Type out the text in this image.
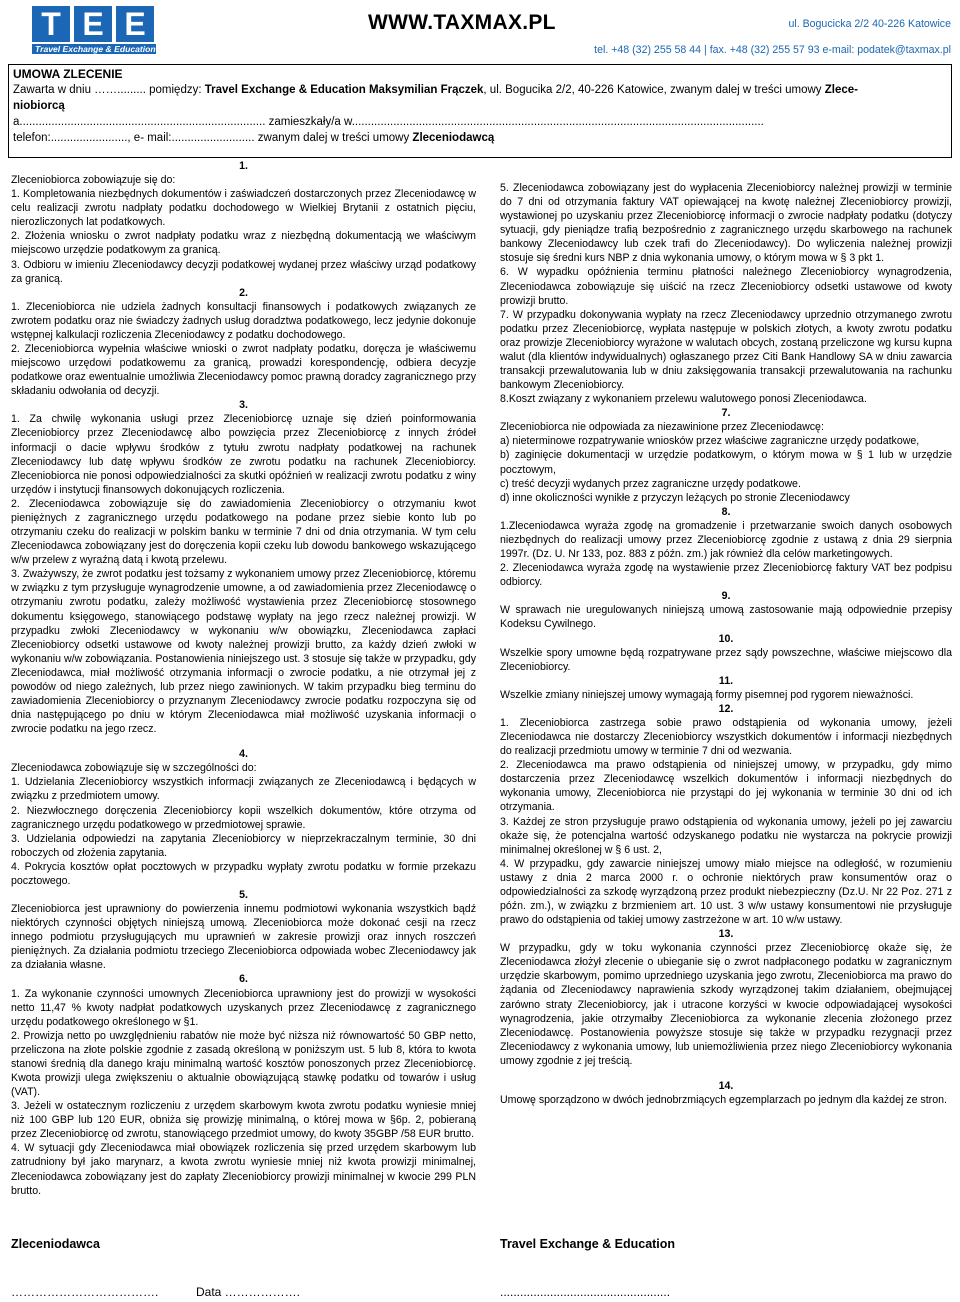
T E E
Travel Exchange & Education
WWW.TAXMAX.PL	ul. Bogucicka 2/2 40-226 Katowice
tel. +48 (32) 255 58 44 | fax. +48 (32) 255 57 93 e-mail: podatek@taxmax.pl
UMOWA ZLECENIE
Zawarta w dniu ……......... pomiędzy: Travel Exchange & Education Maksymilian Frączek, ul. Bogucika 2/2, 40-226 Katowice, zwanym dalej w treści umowy Zlece-
niobiorcą
a............................................................................. zamieszkały/a w.................................................................................................................................
telefon:........................, e- mail:.......................... zwanym dalej w treści umowy Zleceniodawcą

1.

Zleceniobiorca zobowiązuje się do:

1. Kompletowania niezbędnych dokumentów i zaświadczeń dostarczonych przez Zleceniodawcę w celu realizacji zwrotu nadpłaty podatku dochodowego w Wielkiej Brytanii z ostatnich pięciu, nierozliczonych lat podatkowych.

2. Złożenia wniosku o zwrot nadpłaty podatku wraz z niezbędną dokumentacją we właściwym miejscowo urzędzie podatkowym za granicą.

3. Odbioru w imieniu Zleceniodawcy decyzji podatkowej wydanej przez właściwy urząd podatkowy za granicą.

2.

1. Zleceniobiorca nie udziela żadnych konsultacji finansowych i podatkowych związanych ze zwrotem podatku oraz nie świadczy żadnych usług doradztwa podatkowego, lecz jedynie dokonuje wstępnej kalkulacji rozliczenia Zleceniodawcy z podatku dochodowego.

2. Zleceniobiorca wypełnia właściwe wnioski o zwrot nadpłaty podatku, doręcza je właściwemu miejscowo urzędowi podatkowemu za granicą, prowadzi korespondencję, odbiera decyzje podatkowe oraz ewentualnie umożliwia Zleceniodawcy pomoc prawną doradcy zagranicznego przy składaniu odwołania od decyzji.

3.

1. Za chwilę wykonania usługi przez Zleceniobiorcę uznaje się dzień poinformowania Zleceniobiorcy przez Zleceniodawcę albo powzięcia przez Zleceniobiorcę z innych źródeł informacji o dacie wpływu środków z tytułu zwrotu nadpłaty podatkowej na rachunek Zleceniodawcy lub datę wpływu środków ze zwrotu podatku na rachunek Zleceniobiorcy. Zleceniobiorca nie ponosi odpowiedzialności za skutki opóźnień w realizacji zwrotu podatku z winy urzędów i instytucji finansowych dokonujących rozliczenia.

2. Zleceniodawca zobowiązuje się do zawiadomienia Zleceniobiorcy o otrzymaniu kwot pieniężnych z zagranicznego urzędu podatkowego na podane przez siebie konto lub po otrzymaniu czeku do realizacji w polskim banku w terminie 7 dni od dnia otrzymania. W tym celu Zleceniodawca zobowiązany jest do doręczenia kopii czeku lub dowodu bankowego wskazującego w/w przelew z wyraźną datą i kwotą przelewu.

3. Zważywszy, że zwrot podatku jest tożsamy z wykonaniem umowy przez Zleceniobiorcę, któremu w związku z tym przysługuje wynagrodzenie umowne, a od zawiadomienia przez Zleceniodawcę o otrzymaniu zwrotu podatku, zależy możliwość wystawienia przez Zleceniobiorcę stosownego dokumentu księgowego, stanowiącego podstawę wypłaty na jego rzecz należnej prowizji. W przypadku zwłoki Zleceniodawcy w wykonaniu w/w obowiązku, Zleceniodawca zapłaci Zleceniobiorcy odsetki ustawowe od kwoty należnej prowizji brutto, za każdy dzień zwłoki w wykonaniu w/w zobowiązania. Postanowienia niniejszego ust. 3 stosuje się także w przypadku, gdy Zleceniodawca, miał możliwość otrzymania informacji o zwrocie podatku, a nie otrzymał jej z powodów od niego zależnych, lub przez niego zawinionych. W takim przypadku bieg terminu do zawiadomienia Zleceniobiorcy o przyznanym Zleceniodawcy zwrocie podatku rozpoczyna się od dnia następującego po dniu w którym Zleceniodawca miał możliwość uzyskania informacji o zwrocie podatku na jego rzecz.

4.

Zleceniodawca zobowiązuje się w szczególności do:

1. Udzielania Zleceniobiorcy wszystkich informacji związanych ze Zleceniodawcą i będących w związku z przedmiotem umowy.

2. Niezwłocznego doręczenia Zleceniobiorcy kopii wszelkich dokumentów, które otrzyma od zagranicznego urzędu podatkowego w przedmiotowej sprawie.

3. Udzielania odpowiedzi na zapytania Zleceniobiorcy w nieprzekraczalnym terminie, 30 dni roboczych od złożenia zapytania.

4. Pokrycia kosztów opłat pocztowych w przypadku wypłaty zwrotu podatku w formie przekazu pocztowego.

5.

Zleceniobiorca jest uprawniony do powierzenia innemu podmiotowi wykonania wszystkich bądź niektórych czynności objętych niniejszą umową. Zleceniobiorca może dokonać cesji na rzecz innego podmiotu przysługujących mu uprawnień w zakresie prowizji oraz innych roszczeń pieniężnych. Za działania podmiotu trzeciego Zleceniobiorca odpowiada wobec Zleceniodawcy jak za działania własne.

6.

1. Za wykonanie czynności umownych Zleceniobiorca uprawniony jest do prowizji w wysokości netto 11,47 % kwoty nadpłat podatkowych uzyskanych przez Zleceniodawcę z zagranicznego urzędu podatkowego określonego w §1.

2. Prowizja netto po uwzględnieniu rabatów nie może być niższa niż równowartość 50 GBP netto, przeliczona na złote polskie zgodnie z zasadą określoną w poniższym ust. 5 lub 8, która to kwota stanowi średnią dla danego kraju minimalną wartość kosztów ponoszonych przez Zleceniobiorcę. Kwota prowizji ulega zwiększeniu o aktualnie obowiązującą stawkę podatku od towarów i usług (VAT).

3. Jeżeli w ostatecznym rozliczeniu z urzędem skarbowym kwota zwrotu podatku wyniesie mniej niż 100 GBP lub 120 EUR, obniża się prowizję minimalną, o której mowa w §6p. 2, pobieraną przez Zleceniobiorcę od zwrotu, stanowiącego przedmiot umowy, do kwoty 35GBP /58 EUR brutto.

4. W sytuacji gdy Zleceniodawca miał obowiązek rozliczenia się przed urzędem skarbowym lub zatrudniony był jako marynarz, a kwota zwrotu wyniesie mniej niż kwota prowizji minimalnej, Zleceniodawca zobowiązany jest do zapłaty Zleceniobiorcy prowizji minimalnej w kwocie 299 PLN brutto.

5. Zleceniodawca zobowiązany jest do wypłacenia Zleceniobiorcy należnej prowizji w terminie do 7 dni od otrzymania faktury VAT opiewającej na kwotę należnej Zleceniobiorcy prowizji, wystawionej po uzyskaniu przez Zleceniobiorcę informacji o zwrocie nadpłaty podatku (dotyczy sytuacji, gdy pieniądze trafią bezpośrednio z zagranicznego urzędu skarbowego na rachunek bankowy Zleceniodawcy lub czek trafi do Zleceniodawcy). Do wyliczenia należnej prowizji stosuje się średni kurs NBP z dnia wykonania umowy, o którym mowa w § 3 pkt 1.

6. W wypadku opóźnienia terminu płatności należnego Zleceniobiorcy wynagrodzenia, Zleceniodawca zobowiązuje się uiścić na rzecz Zleceniobiorcy odsetki ustawowe od kwoty prowizji brutto.

7. W przypadku dokonywania wypłaty na rzecz Zleceniodawcy uprzednio otrzymanego zwrotu podatku przez Zleceniobiorcę, wypłata następuje w polskich złotych, a kwoty zwrotu podatku oraz prowizje Zleceniobiorcy wyrażone w walutach obcych, zostaną przeliczone wg kursu kupna walut (dla klientów indywidualnych) ogłaszanego przez Citi Bank Handlowy SA w dniu zawarcia transakcji przewalutowania lub w dniu zaksięgowania transakcji przewalutowania na rachunku bankowym Zleceniobiorcy.

8.Koszt związany z wykonaniem przelewu walutowego ponosi Zleceniodawca.

7.

Zleceniobiorca nie odpowiada za niezawinione przez Zleceniodawcę:

a) nieterminowe rozpatrywanie wniosków przez właściwe zagraniczne urzędy podatkowe,

b) zaginięcie dokumentacji w urzędzie podatkowym, o którym mowa w § 1 lub w urzędzie pocztowym,

c) treść decyzji wydanych przez zagraniczne urzędy podatkowe.

d) inne okoliczności wynikłe z przyczyn leżących po stronie Zleceniodawcy

8.

1.Zleceniodawca wyraża zgodę na gromadzenie i przetwarzanie swoich danych osobowych niezbędnych do realizacji umowy przez Zleceniobiorcę zgodnie z ustawą z dnia 29 sierpnia 1997r. (Dz. U. Nr 133, poz. 883 z późn. zm.) jak również dla celów marketingowych.

2. Zleceniodawca wyraża zgodę na wystawienie przez Zleceniobiorcę faktury VAT bez podpisu odbiorcy.

9.

W sprawach nie uregulowanych niniejszą umową zastosowanie mają odpowiednie przepisy Kodeksu Cywilnego.

10.

Wszelkie spory umowne będą rozpatrywane przez sądy powszechne, właściwe miejscowo dla Zleceniobiorcy.

11.

Wszelkie zmiany niniejszej umowy wymagają formy pisemnej pod rygorem nieważności.

12.

1. Zleceniobiorca zastrzega sobie prawo odstąpienia od wykonania umowy, jeżeli Zleceniodawca nie dostarczy Zleceniobiorcy wszystkich dokumentów i informacji niezbędnych do realizacji przedmiotu umowy w terminie 7 dni od wezwania.

2. Zleceniodawca ma prawo odstąpienia od niniejszej umowy, w przypadku, gdy mimo dostarczenia przez Zleceniodawcę wszelkich dokumentów i informacji niezbędnych do wykonania umowy, Zleceniobiorca nie przystąpi do jej wykonania w terminie 30 dni od ich otrzymania.

3. Każdej ze stron przysługuje prawo odstąpienia od wykonania umowy, jeżeli po jej zawarciu okaże się, że potencjalna wartość odzyskanego podatku nie wystarcza na pokrycie prowizji minimalnej określonej w § 6 ust. 2,

4. W przypadku, gdy zawarcie niniejszej umowy miało miejsce na odległość, w rozumieniu ustawy z dnia 2 marca 2000 r. o ochronie niektórych praw konsumentów oraz o odpowiedzialności za szkodę wyrządzoną przez produkt niebezpieczny (Dz.U. Nr 22 Poz. 271 z późn. zm.), w związku z brzmieniem art. 10 ust. 3 w/w ustawy konsumentowi nie przysługuje prawo do odstąpienia od takiej umowy zastrzeżone w art. 10 w/w ustawy.

13.

W przypadku, gdy w toku wykonania czynności przez Zleceniobiorcę okaże się, że Zleceniodawca złożył zlecenie o ubieganie się o zwrot nadpłaconego podatku w zagranicznym urzędzie skarbowym, pomimo uprzedniego uzyskania jego zwrotu, Zleceniobiorca ma prawo do żądania od Zleceniodawcy naprawienia szkody wyrządzonej takim działaniem, obejmującej zarówno straty Zleceniobiorcy, jak i utracone korzyści w kwocie odpowiadającej wysokości wynagrodzenia, jakie otrzymałby Zleceniobiorca za wykonanie zlecenia złożonego przez Zleceniodawcę. Postanowienia powyższe stosuje się także w przypadku rezygnacji przez Zleceniodawcy z wykonania umowy, lub uniemożliwienia przez niego Zleceniobiorcy wykonania umowy zgodnie z jej treścią.

14.

Umowę sporządzono w dwóch jednobrzmiących egzemplarzach po jednym dla każdej ze stron.

Zleceniodawca	Travel Exchange & Education
……………………………….	Data ……………….	...................................................
